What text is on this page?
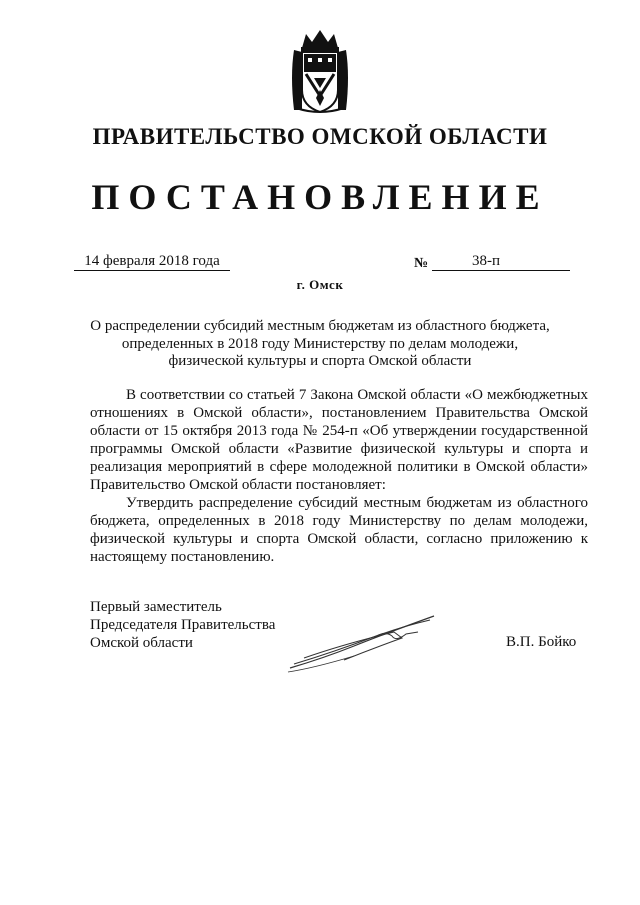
ПРАВИТЕЛЬСТВО ОМСКОЙ ОБЛАСТИ
ПОСТАНОВЛЕНИЕ
14 февраля 2018 года	№	38-п
г. Омск
О распределении субсидий местным бюджетам из областного бюджета,
определенных в 2018 году Министерству по делам молодежи,
физической культуры и спорта Омской области

В соответствии со статьей 7 Закона Омской области «О межбюджетных отношениях в Омской области», постановлением Правительства Омской области от 15 октября 2013 года № 254-п «Об утверждении государственной программы Омской области «Развитие физической культуры и спорта и реализация мероприятий в сфере молодежной политики в Омской области» Правительство Омской области постановляет:

Утвердить распределение субсидий местным бюджетам из областного бюджета, определенных в 2018 году Министерству по делам молодежи, физической культуры и спорта Омской области, согласно приложению к настоящему постановлению.

Первый заместитель
Председателя Правительства
Омской области	В.П. Бойко
